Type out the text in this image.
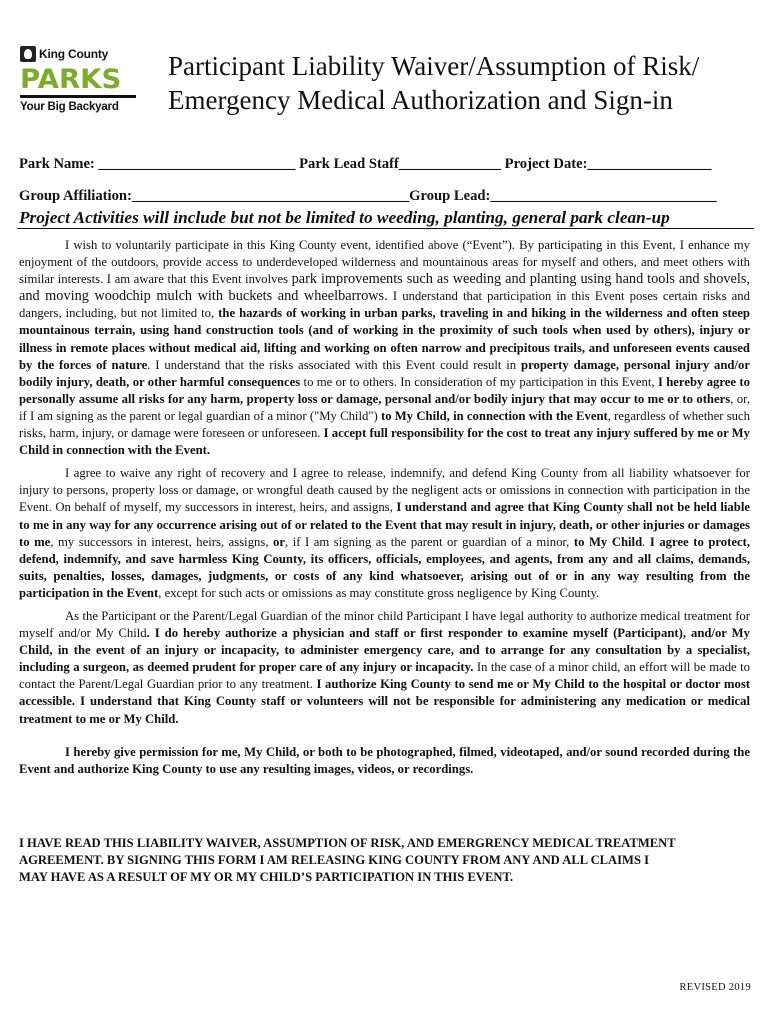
King County
PARKS
Your Big Backyard
Participant Liability Waiver/Assumption of Risk/
Emergency Medical Authorization and Sign-in
Park Name: ___________________________ Park Lead Staff______________ Project Date:_________________
Group Affiliation:______________________________________Group Lead:_______________________________
Project Activities will include but not be limited to weeding, planting, general park clean-up

I wish to voluntarily participate in this King County event, identified above (“Event”). By participating in this Event, I enhance my enjoyment of the outdoors, provide access to underdeveloped wilderness and mountainous areas for myself and others, and meet others with similar interests. I am aware that this Event involves park improvements such as weeding and planting using hand tools and shovels, and moving woodchip mulch with buckets and wheelbarrows. I understand that participation in this Event poses certain risks and dangers, including, but not limited to, the hazards of working in urban parks, traveling in and hiking in the wilderness and often steep mountainous terrain, using hand construction tools (and of working in the proximity of such tools when used by others), injury or illness in remote places without medical aid, lifting and working on often narrow and precipitous trails, and unforeseen events caused by the forces of nature. I understand that the risks associated with this Event could result in property damage, personal injury and/or bodily injury, death, or other harmful consequences to me or to others. In consideration of my participation in this Event, I hereby agree to personally assume all risks for any harm, property loss or damage, personal and/or bodily injury that may occur to me or to others, or, if I am signing as the parent or legal guardian of a minor ("My Child") to My Child, in connection with the Event, regardless of whether such risks, harm, injury, or damage were foreseen or unforeseen. I accept full responsibility for the cost to treat any injury suffered by me or My Child in connection with the Event.

I agree to waive any right of recovery and I agree to release, indemnify, and defend King County from all liability whatsoever for injury to persons, property loss or damage, or wrongful death caused by the negligent acts or omissions in connection with participation in the Event. On behalf of myself, my successors in interest, heirs, and assigns, I understand and agree that King County shall not be held liable to me in any way for any occurrence arising out of or related to the Event that may result in injury, death, or other injuries or damages to me, my successors in interest, heirs, assigns, or, if I am signing as the parent or guardian of a minor, to My Child. I agree to protect, defend, indemnify, and save harmless King County, its officers, officials, employees, and agents, from any and all claims, demands, suits, penalties, losses, damages, judgments, or costs of any kind whatsoever, arising out of or in any way resulting from the participation in the Event, except for such acts or omissions as may constitute gross negligence by King County.

As the Participant or the Parent/Legal Guardian of the minor child Participant I have legal authority to authorize medical treatment for myself and/or My Child. I do hereby authorize a physician and staff or first responder to examine myself (Participant), and/or My Child, in the event of an injury or incapacity, to administer emergency care, and to arrange for any consultation by a specialist, including a surgeon, as deemed prudent for proper care of any injury or incapacity. In the case of a minor child, an effort will be made to contact the Parent/Legal Guardian prior to any treatment. I authorize King County to send me or My Child to the hospital or doctor most accessible. I understand that King County staff or volunteers will not be responsible for administering any medication or medical treatment to me or My Child.

I hereby give permission for me, My Child, or both to be photographed, filmed, videotaped, and/or sound recorded during the Event and authorize King County to use any resulting images, videos, or recordings.

I HAVE READ THIS LIABILITY WAIVER, ASSUMPTION OF RISK, AND EMERGRENCY MEDICAL TREATMENT
AGREEMENT. BY SIGNING THIS FORM I AM RELEASING KING COUNTY FROM ANY AND ALL CLAIMS I
MAY HAVE AS A RESULT OF MY OR MY CHILD’S PARTICIPATION IN THIS EVENT.
REVISED 2019
